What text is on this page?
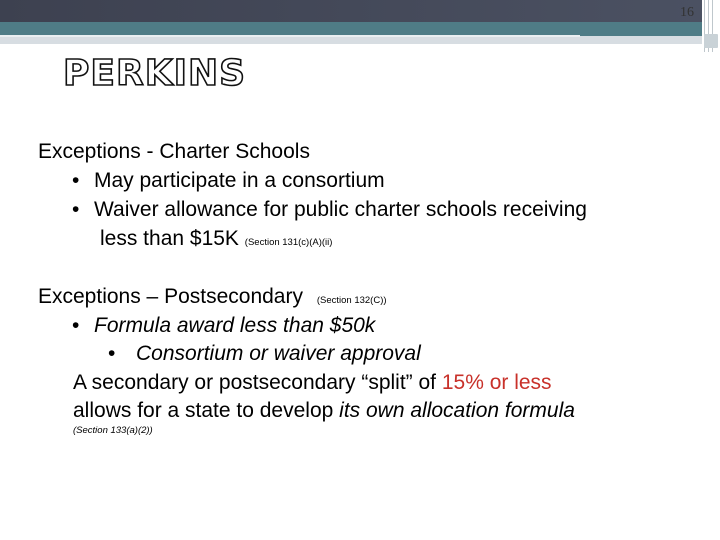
16
PERKINS
Exceptions - Charter Schools
• May participate in a consortium
• Waiver allowance for public charter schools receiving
less than $15K (Section 131(c)(A)(ii)
Exceptions – Postsecondary (Section 132(C))
• Formula award less than $50k
• Consortium or waiver approval
A secondary or postsecondary “split” of 15% or less
allows for a state to develop its own allocation formula
(Section 133(a)(2))
